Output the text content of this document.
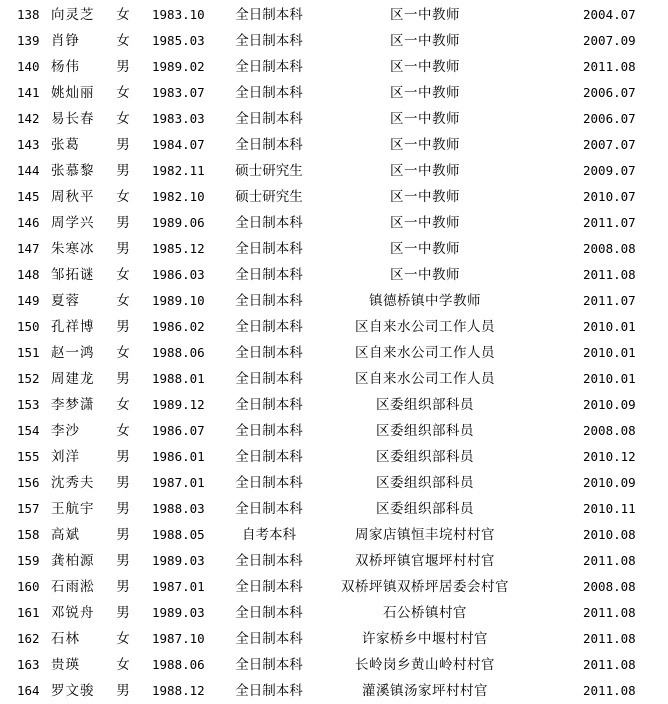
138 向灵芝	女 1983.10	全日制本科	区一中教师	2004.07
139 肖铮	女 1985.03	全日制本科	区一中教师	2007.09
140 杨伟	男 1989.02	全日制本科	区一中教师	2011.08
141 姚灿丽	女 1983.07	全日制本科	区一中教师	2006.07
142 易长春	女 1983.03	全日制本科	区一中教师	2006.07
143 张葛	男 1984.07	全日制本科	区一中教师	2007.07
144 张慕黎	男 1982.11	硕士研究生	区一中教师	2009.07
145 周秋平	女 1982.10	硕士研究生	区一中教师	2010.07
146 周学兴	男 1989.06	全日制本科	区一中教师	2011.07
147 朱寒冰	男 1985.12	全日制本科	区一中教师	2008.08
148 邹拓谜	女 1986.03	全日制本科	区一中教师	2011.08
149 夏蓉	女 1989.10	全日制本科	镇德桥镇中学教师	2011.07
150 孔祥博	男 1986.02	全日制本科	区自来水公司工作人员	2010.01
151 赵一鸿	女 1988.06	全日制本科	区自来水公司工作人员	2010.01
152 周建龙	男 1988.01	全日制本科	区自来水公司工作人员	2010.01
153 李梦潇	女 1989.12	全日制本科	区委组织部科员	2010.09
154 李沙	女 1986.07	全日制本科	区委组织部科员	2008.08
155 刘洋	男 1986.01	全日制本科	区委组织部科员	2010.12
156 沈秀夫	男 1987.01	全日制本科	区委组织部科员	2010.09
157 王航宇	男 1988.03	全日制本科	区委组织部科员	2010.11
158 高斌	男 1988.05	自考本科	周家店镇恒丰垸村村官	2010.08
159 龚柏源	男 1989.03	全日制本科	双桥坪镇官堰坪村村官	2011.08
160 石雨淞	男 1987.01	全日制本科	双桥坪镇双桥坪居委会村官	2008.08
161 邓锐舟	男 1989.03	全日制本科	石公桥镇村官	2011.08
162 石林	女 1987.10	全日制本科	许家桥乡中堰村村官	2011.08
163 贵瑛	女 1988.06	全日制本科	长岭岗乡黄山岭村村官	2011.08
164 罗文骏	男 1988.12	全日制本科	灌溪镇汤家坪村村官	2011.08
